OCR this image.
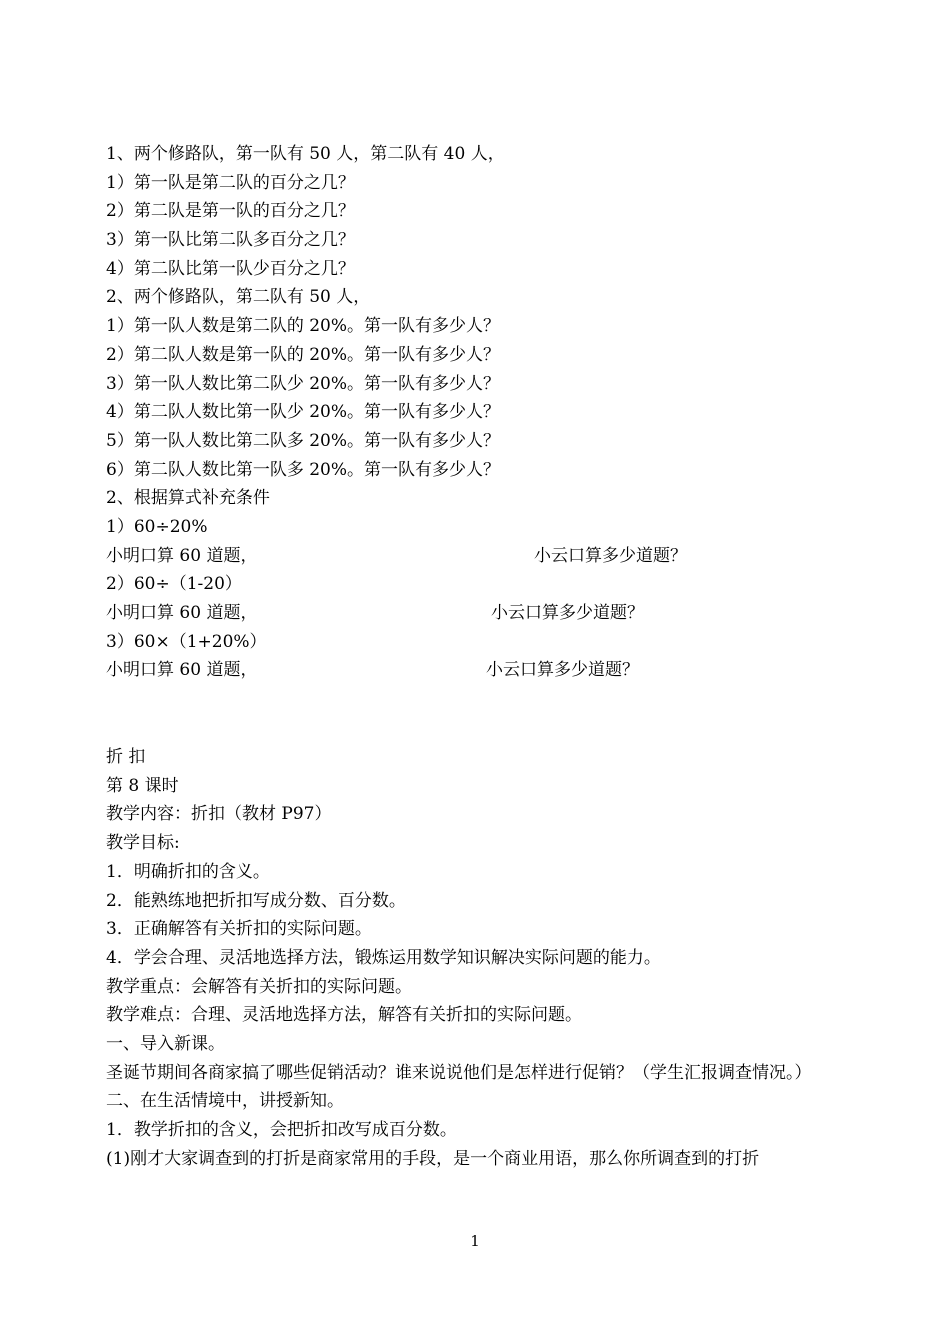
1、两个修路队，第一队有 50 人，第二队有 40 人，
1）第一队是第二队的百分之几？
2）第二队是第一队的百分之几？
3）第一队比第二队多百分之几？
4）第二队比第一队少百分之几？
2、两个修路队，第二队有 50 人，
1）第一队人数是第二队的 20%。第一队有多少人？
2）第二队人数是第一队的 20%。第一队有多少人？
3）第一队人数比第二队少 20%。第一队有多少人？
4）第二队人数比第一队少 20%。第一队有多少人？
5）第一队人数比第二队多 20%。第一队有多少人？
6）第二队人数比第一队多 20%。第一队有多少人？
2、根据算式补充条件
1）60÷20%
小明口算 60 道题，	小云口算多少道题？
2）60÷（1-20）
小明口算 60 道题，	小云口算多少道题？
3）60×（1+20%）
小明口算 60 道题，	小云口算多少道题？
折 扣
第 8 课时
教学内容：折扣（教材 P97）
教学目标:
1．明确折扣的含义。
2．能熟练地把折扣写成分数、百分数。
3．正确解答有关折扣的实际问题。
4．学会合理、灵活地选择方法，锻炼运用数学知识解决实际问题的能力。
教学重点：会解答有关折扣的实际问题。
教学难点：合理、灵活地选择方法，解答有关折扣的实际问题。
一、导入新课。
圣诞节期间各商家搞了哪些促销活动？谁来说说他们是怎样进行促销？（学生汇报调查情况。）
二、在生活情境中，讲授新知。
1．教学折扣的含义，会把折扣改写成百分数。
(1)刚才大家调查到的打折是商家常用的手段，是一个商业用语，那么你所调查到的打折
1
